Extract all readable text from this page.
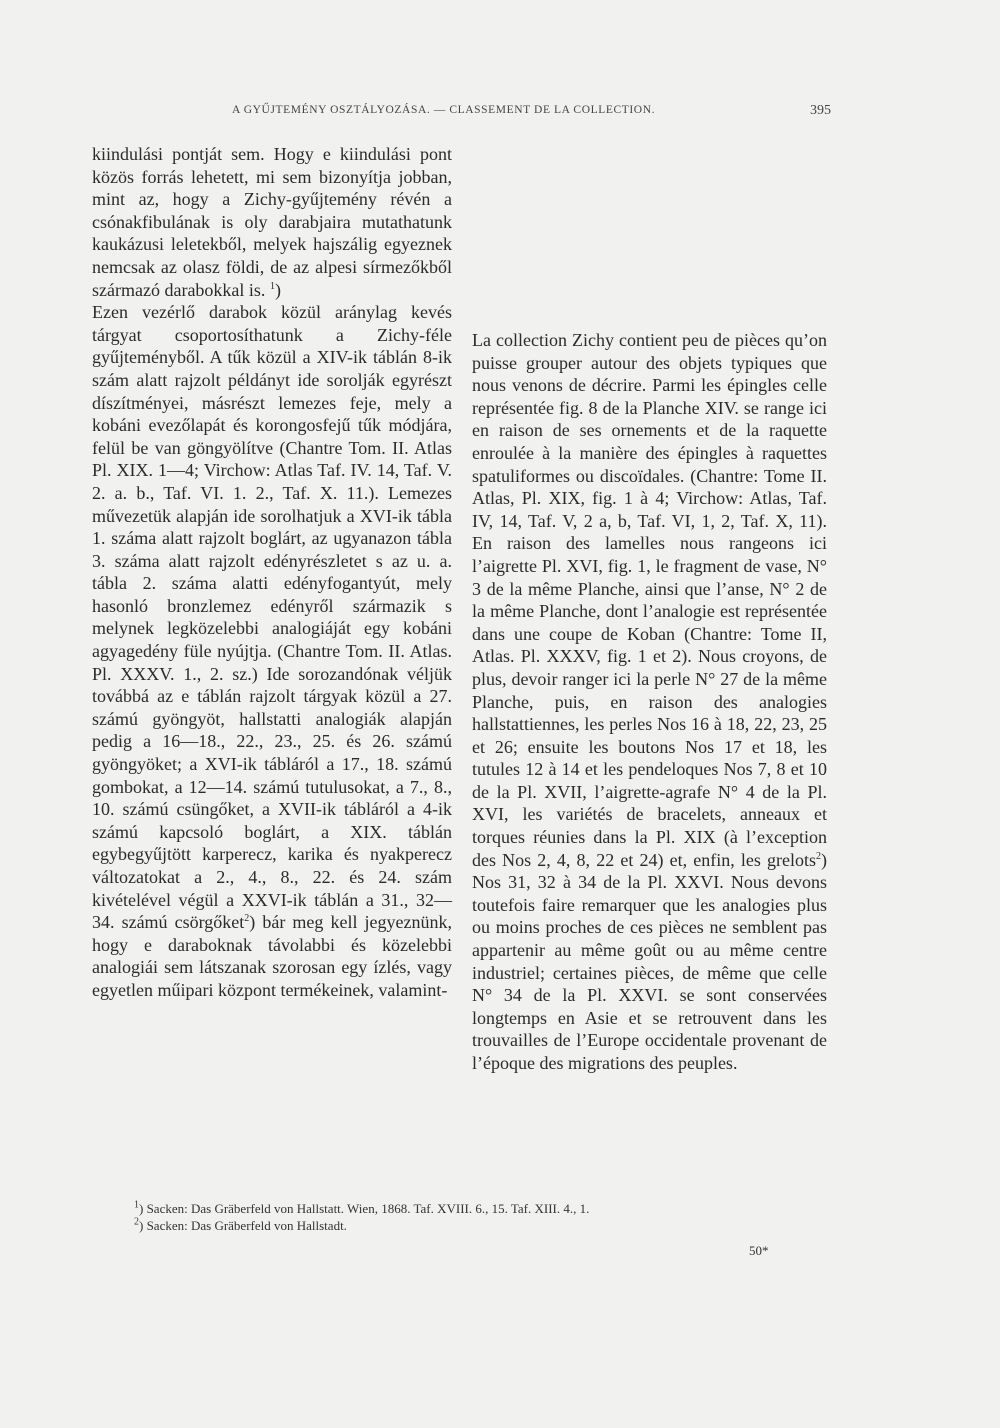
A GYŰJTEMÉNY OSZTÁLYOZÁSA. — CLASSEMENT DE LA COLLECTION.	395

kiindulási pontját sem. Hogy e kiindulási pont közös forrás lehetett, mi sem bizonyítja jobban, mint az, hogy a Zichy-gyűjtemény révén a csónakfibulának is oly darabjaira mutathatunk kaukázusi leletekből, melyek hajszálig egyeznek nemcsak az olasz földi, de az alpesi sírmezőkből származó darabokkal is. $^1$)

Ezen vezérlő darabok közül aránylag kevés tárgyat csoportosíthatunk a Zichy-féle gyűjteményből. A tűk közül a XIV-ik táblán 8-ik szám alatt rajzolt példányt ide sorolják egyrészt díszítményei, másrészt lemezes feje, mely a kobáni evezőlapát és korongosfejű tűk módjára, felül be van göngyölítve (Chantre Tom. II. Atlas Pl. XIX. 1—4; Virchow: Atlas Taf. IV. 14, Taf. V. 2. a. b., Taf. VI. 1. 2., Taf. X. 11.). Lemezes művezetük alapján ide sorolhatjuk a XVI-ik tábla 1. száma alatt rajzolt boglárt, az ugyanazon tábla 3. száma alatt rajzolt edényrészletet s az u. a. tábla 2. száma alatti edényfogantyút, mely hasonló bronzlemez edényről származik s melynek legközelebbi analogiáját egy kobáni agyagedény füle nyújtja. (Chantre Tom. II. Atlas. Pl. XXXV. 1., 2. sz.) Ide sorozandónak véljük továbbá az e táblán rajzolt tárgyak közül a 27. számú gyöngyöt, hallstatti analogiák alapján pedig a 16—18., 22., 23., 25. és 26. számú gyöngyöket; a XVI-ik tábláról a 17., 18. számú gombokat, a 12—14. számú tutulusokat, a 7., 8., 10. számú csüngőket, a XVII-ik tábláról a 4-ik számú kapcsoló boglárt, a XIX. táblán egybegyűjtött karperecz, karika és nyakperecz változatokat a 2., 4., 8., 22. és 24. szám kivételével végül a XXVI-ik táblán a 31., 32—34. számú csörgőket$^2$) bár meg kell jegyeznünk, hogy e daraboknak távolabbi és közelebbi analogiái sem látszanak szorosan egy ízlés, vagy egyetlen műipari központ termékeinek, valamint-

La collection Zichy contient peu de pièces qu’on puisse grouper autour des objets typiques que nous venons de décrire. Parmi les épingles celle représentée fig. 8 de la Planche XIV. se range ici en raison de ses ornements et de la raquette enroulée à la manière des épingles à raquettes spatuliformes ou discoïdales. (Chantre: Tome II. Atlas, Pl. XIX, fig. 1 à 4; Virchow: Atlas, Taf. IV, 14, Taf. V, 2 a, b, Taf. VI, 1, 2, Taf. X, 11). En raison des lamelles nous rangeons ici l’aigrette Pl. XVI, fig. 1, le fragment de vase, N° 3 de la même Planche, ainsi que l’anse, N° 2 de la même Planche, dont l’analogie est représentée dans une coupe de Koban (Chantre: Tome II, Atlas. Pl. XXXV, fig. 1 et 2). Nous croyons, de plus, devoir ranger ici la perle N° 27 de la même Planche, puis, en raison des analogies hallstattiennes, les perles Nos 16 à 18, 22, 23, 25 et 26; ensuite les boutons Nos 17 et 18, les tutules 12 à 14 et les pendeloques Nos 7, 8 et 10 de la Pl. XVII, l’aigrette-agrafe N° 4 de la Pl. XVI, les variétés de bracelets, anneaux et torques réunies dans la Pl. XIX (à l’exception des Nos 2, 4, 8, 22 et 24) et, enfin, les grelots$^2$) Nos 31, 32 à 34 de la Pl. XXVI. Nous devons toutefois faire remarquer que les analogies plus ou moins proches de ces pièces ne semblent pas appartenir au même goût ou au même centre industriel; certaines pièces, de même que celle N° 34 de la Pl. XXVI. se sont conservées longtemps en Asie et se retrouvent dans les trouvailles de l’Europe occidentale provenant de l’époque des migrations des peuples.

$^1$) Sacken: Das Gräberfeld von Hallstatt. Wien, 1868. Taf. XVIII. 6., 15. Taf. XIII. 4., 1.
$^2$) Sacken: Das Gräberfeld von Hallstadt.
50*
